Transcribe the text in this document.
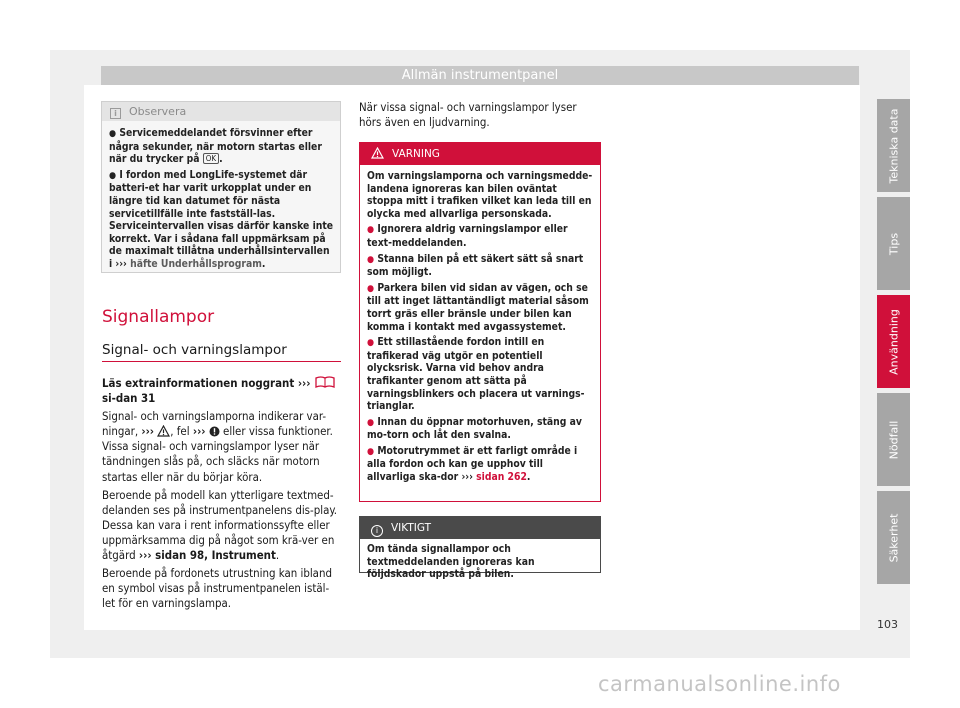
Allmän instrumentpanel
Tekniska data
Tips
Användning
Nödfall
Säkerhet
103
i Observera

● Servicemeddelandet försvinner efter några sekunder, när motorn startas eller när du trycker på OK .

● I fordon med LongLife-systemet där batteri-et har varit urkopplat under en längre tid kan datumet för nästa servicetillfälle inte fastställ-las. Serviceintervallen visas därför kanske inte korrekt. Var i sådana fall uppmärksam på de maximalt tillåtna underhållsintervallen i ››› häfte Underhållsprogram.

Signallampor
Signal- och varningslampor

Läs extrainformationen noggrant ›››  si-dan 31

Signal- och varningslamporna indikerar var-ningar, ››› , fel ››› eller vissa funktioner. Vissa signal- och varningslampor lyser när tändningen slås på, och släcks när motorn startas eller när du börjar köra.

Beroende på modell kan ytterligare textmed-delanden ses på instrumentpanelens dis-play. Dessa kan vara i rent informationssyfte eller uppmärksamma dig på något som krä-ver en åtgärd ››› sidan 98, Instrument.

Beroende på fordonets utrustning kan ibland en symbol visas på instrumentpanelen istäl-let för en varningslampa.

När vissa signal- och varningslampor lyser hörs även en ljudvarning.
VARNING

Om varningslamporna och varningsmedde-landena ignoreras kan bilen oväntat stoppa mitt i trafiken vilket kan leda till en olycka med allvarliga personskada.

● Ignorera aldrig varningslampor eller text-meddelanden.

● Stanna bilen på ett säkert sätt så snart som möjligt.

● Parkera bilen vid sidan av vägen, och se till att inget lättantändligt material såsom torrt gräs eller bränsle under bilen kan komma i kontakt med avgassystemet.

● Ett stillastående fordon intill en trafikerad väg utgör en potentiell olycksrisk. Varna vid behov andra trafikanter genom att sätta på varningsblinkers och placera ut varnings-trianglar.

● Innan du öppnar motorhuven, stäng av mo-torn och låt den svalna.

● Motorutrymmet är ett farligt område i alla fordon och kan ge upphov till allvarliga ska-dor ››› sidan 262.

i VIKTIGT
Om tända signallampor och textmeddelanden ignoreras kan följdskador uppstå på bilen.
carmanualsonline.info
